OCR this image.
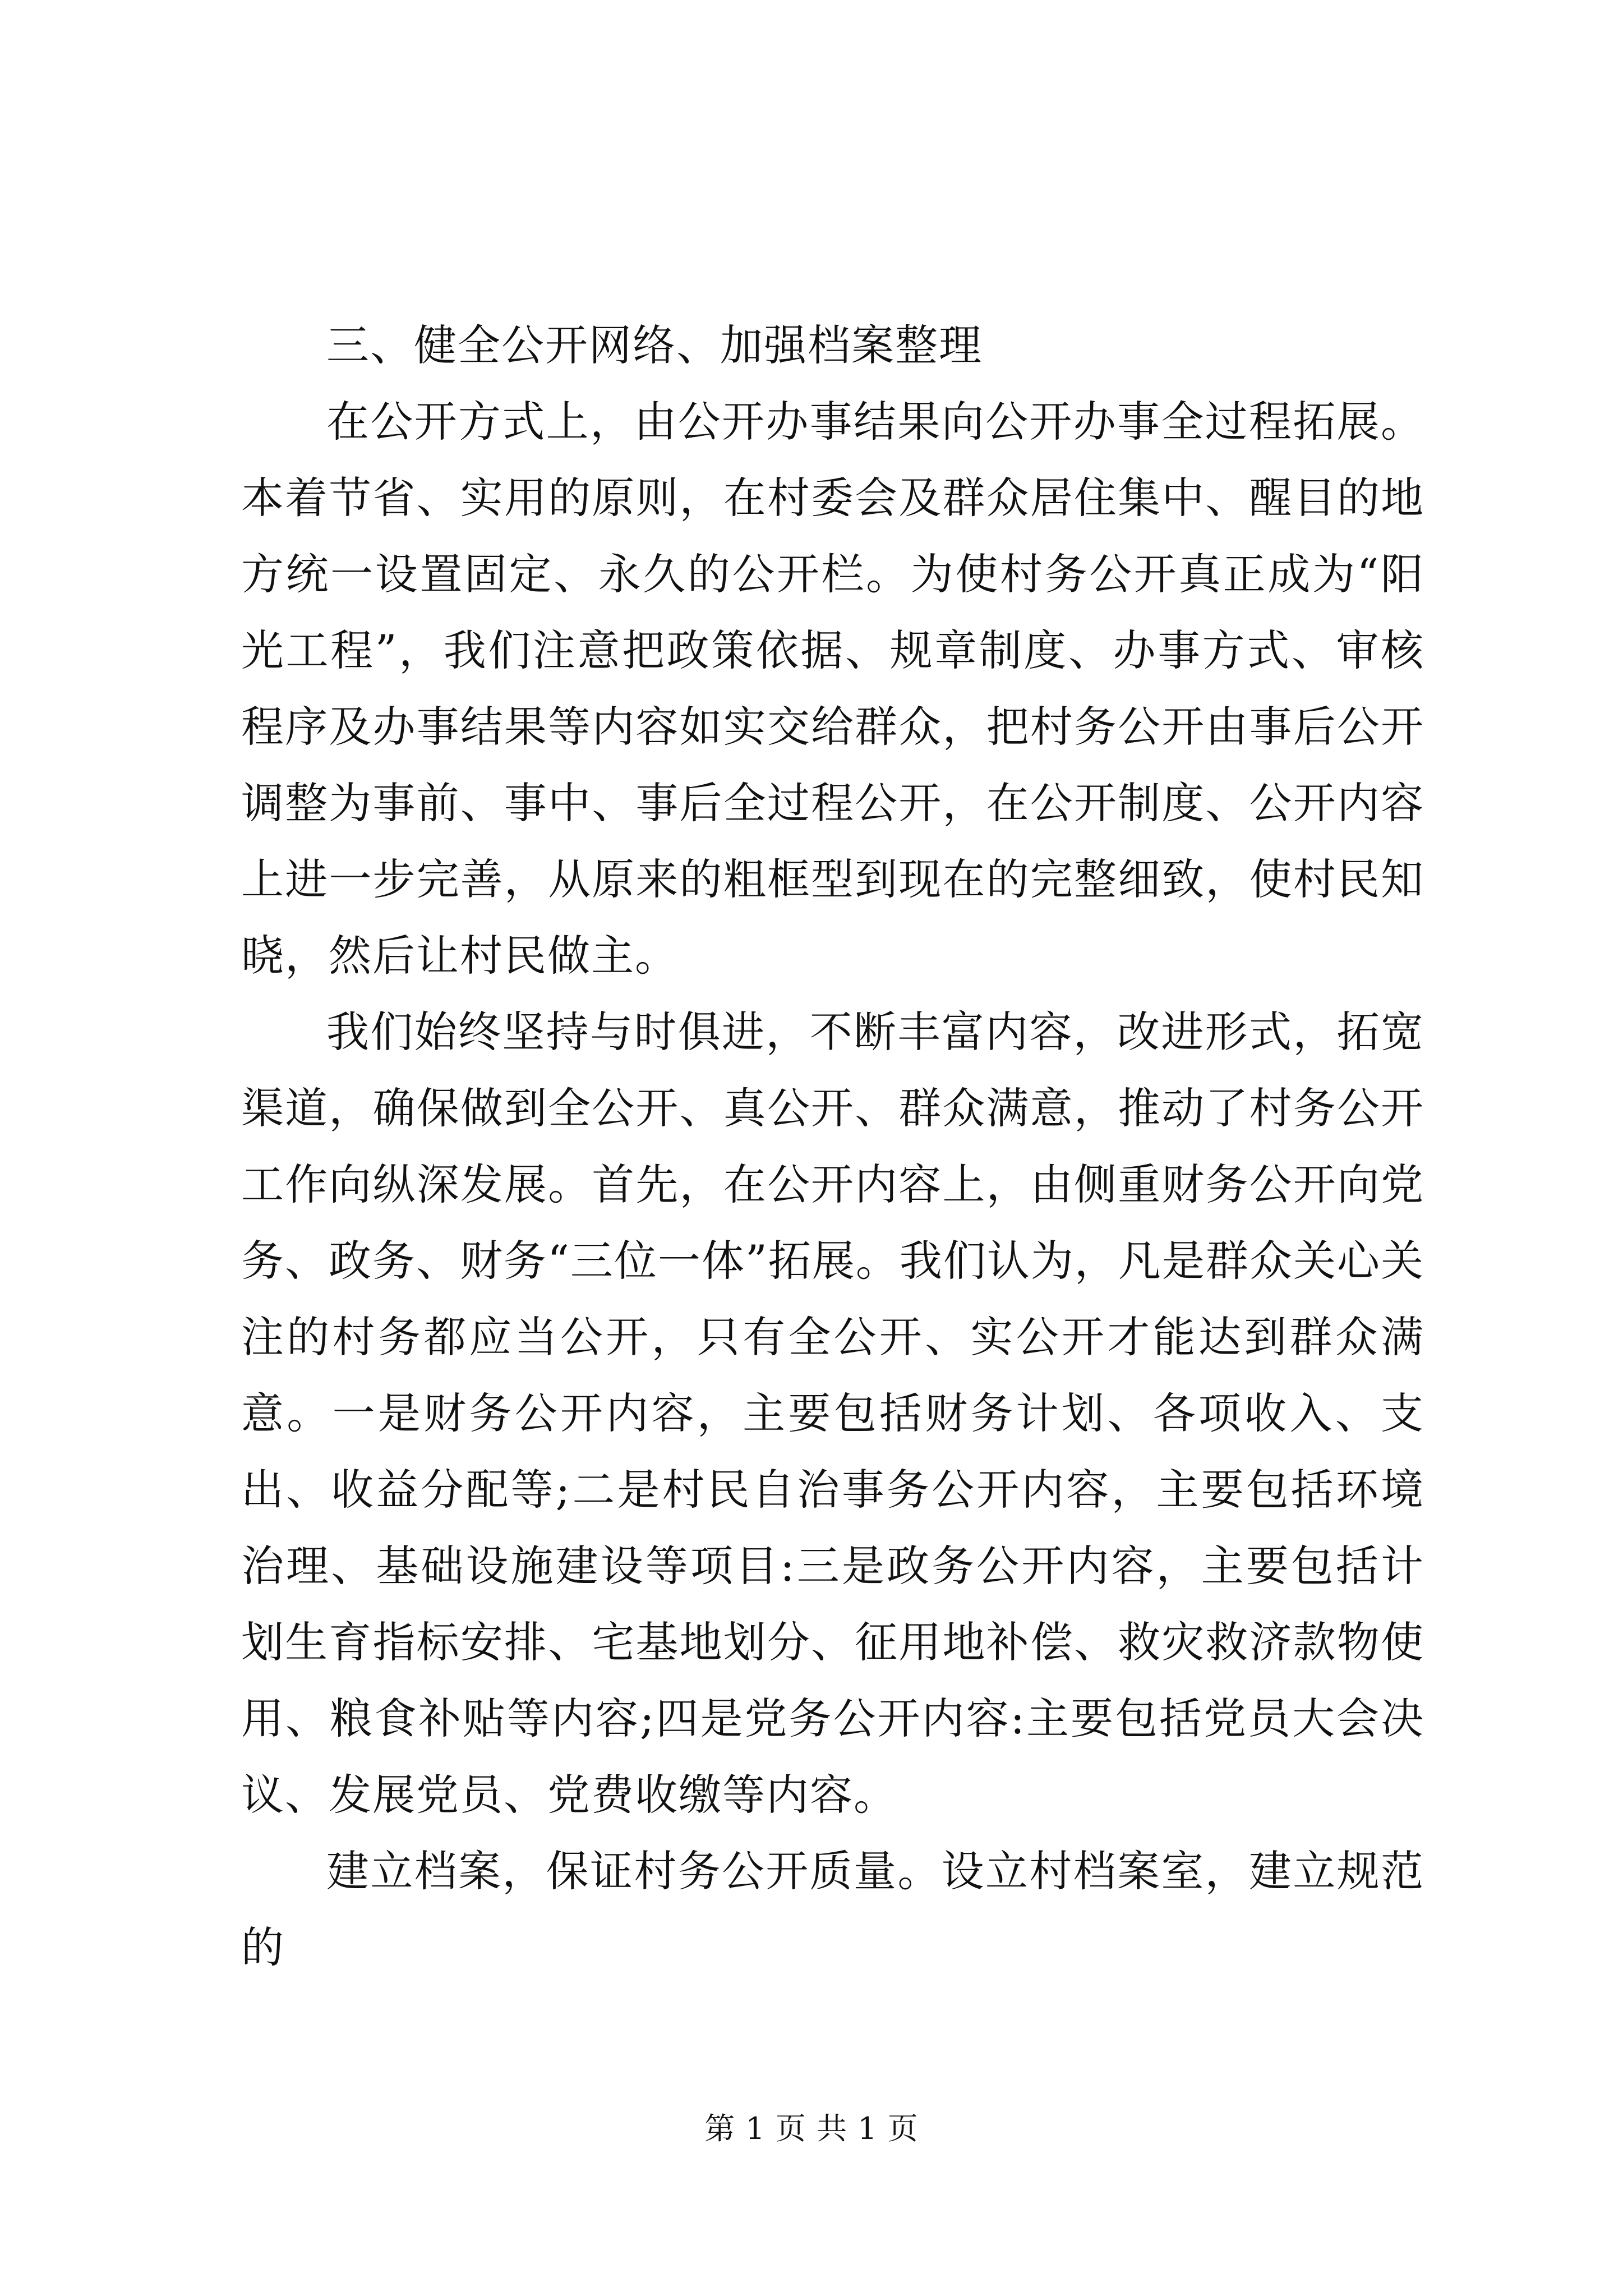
三、健全公开网络、加强档案整理

在公开方式上，由公开办事结果向公开办事全过程拓展。本着节省、实用的原则，在村委会及群众居住集中、醒目的地方统一设置固定、永久的公开栏。为使村务公开真正成为“阳光工程”，我们注意把政策依据、规章制度、办事方式、审核程序及办事结果等内容如实交给群众，把村务公开由事后公开调整为事前、事中、事后全过程公开，在公开制度、公开内容上进一步完善，从原来的粗框型到现在的完整细致，使村民知晓，然后让村民做主。

我们始终坚持与时俱进，不断丰富内容，改进形式，拓宽渠道，确保做到全公开、真公开、群众满意，推动了村务公开工作向纵深发展。首先，在公开内容上，由侧重财务公开向党务、政务、财务“三位一体”拓展。我们认为，凡是群众关心关注的村务都应当公开，只有全公开、实公开才能达到群众满意。一是财务公开内容，主要包括财务计划、各项收入、支出、收益分配等;二是村民自治事务公开内容，主要包括环境治理、基础设施建设等项目:三是政务公开内容，主要包括计划生育指标安排、宅基地划分、征用地补偿、救灾救济款物使用、粮食补贴等内容;四是党务公开内容:主要包括党员大会决议、发展党员、党费收缴等内容。

建立档案，保证村务公开质量。设立村档案室，建立规范的

第 1 页 共 1 页
